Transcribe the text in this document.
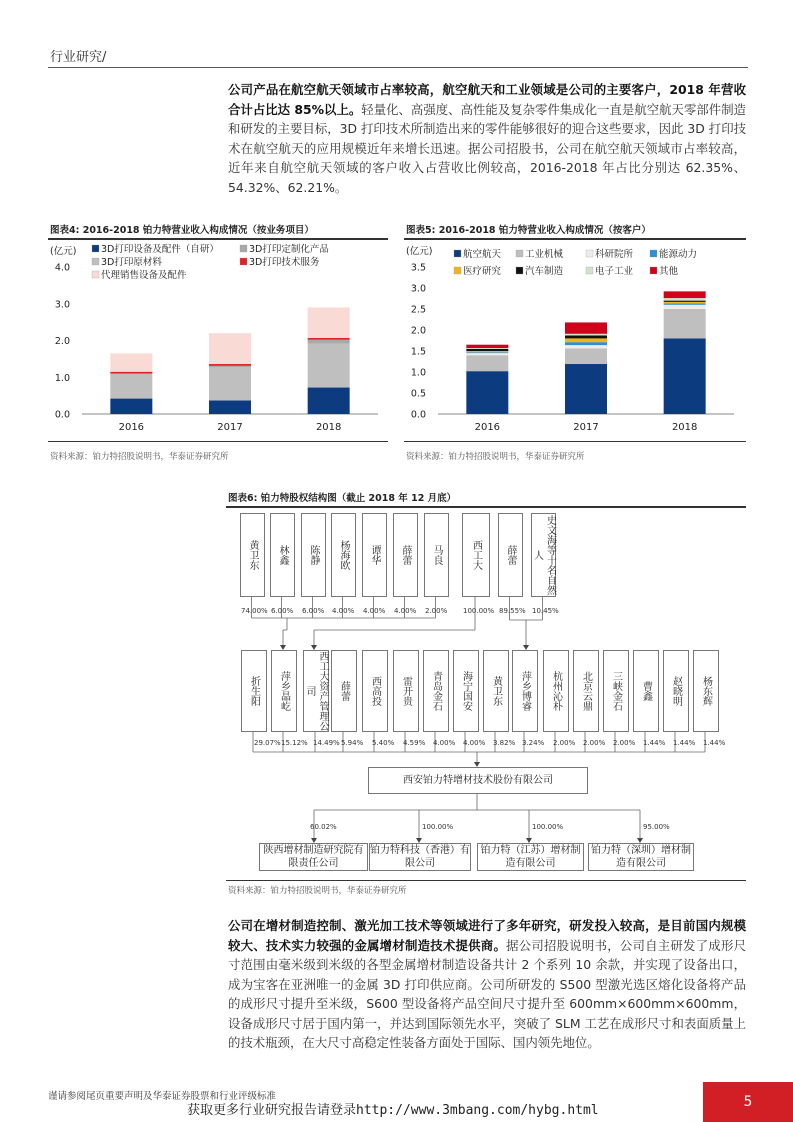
行业研究/
公司产品在航空航天领域市占率较高，航空航天和工业领域是公司的主要客户，2018 年营收合计占比达 85%以上。轻量化、高强度、高性能及复杂零件集成化一直是航空航天零部件制造和研发的主要目标，3D 打印技术所制造出来的零件能够很好的迎合这些要求，因此 3D 打印技术在航空航天的应用规模近年来增长迅速。据公司招股书，公司在航空航天领域市占率较高，近年来自航空航天领域的客户收入占营收比例较高，2016-2018 年占比分别达 62.35%、54.32%、62.21%。
图表4: 2016-2018 铂力特营业收入构成情况（按业务项目）
(亿元)
0.0
1.0
2.0
3.0
4.0
2016	2017	2018
3D打印设备及配件（自研）
3D打印原材料
3D打印定制化产品
3D打印技术服务
代理销售设备及配件
资料来源：铂力特招股说明书，华泰证券研究所
图表5: 2016-2018 铂力特营业收入构成情况（按客户）
(亿元)
0.0
0.5
1.0
1.5
2.0
2.5
3.0
3.5
2016	2017	2018
航空航天	工业机械	科研院所	能源动力
医疗研究	汽车制造	电子工业	其他
资料来源：铂力特招股说明书，华泰证券研究所
图表6: 铂力特股权结构图（截止 2018 年 12 月底）
黄卫东
74.00%
林鑫
6.00%
陈静
6.00%
杨海欧
4.00%
谭华
4.00%
薛蕾
4.00%
马良
2.00%
西工大
100.00%
薛蕾
89.55%
史文海等十名自然人
10.45%
折生阳
29.07%
萍乡晶屹
15.12%
西工大资产管理公司
14.49%
薛蕾
5.94%
西高投
5.40%
雷开贵
4.59%
青岛金石
4.00%
海宁国安
4.00%
黄卫东
3.82%
萍乡博睿
3.24%
杭州沁朴
2.00%
北京云鼎
2.00%
三峡金石
2.00%
曹鑫
1.44%
赵晓明
1.44%
杨东辉
1.44%
西安铂力特增材技术股份有限公司
60.02%
陕西增材制造研究院有限责任公司
100.00%
铂力特科技（香港）有限公司
100.00%
铂力特（江苏）增材制造有限公司
95.00%
铂力特（深圳）增材制造有限公司
资料来源：铂力特招股说明书，华泰证券研究所
公司在增材制造控制、激光加工技术等领域进行了多年研究，研发投入较高，是目前国内规模较大、技术实力较强的金属增材制造技术提供商。据公司招股说明书，公司自主研发了成形尺寸范围由毫米级到米级的各型金属增材制造设备共计 2 个系列 10 余款，并实现了设备出口，成为宝客在亚洲唯一的金属 3D 打印供应商。公司所研发的 S500 型激光选区熔化设备将产品的成形尺寸提升至米级，S600 型设备将产品空间尺寸提升至 600mm×600mm×600mm，设备成形尺寸居于国内第一，并达到国际领先水平，突破了 SLM 工艺在成形尺寸和表面质量上的技术瓶颈，在大尺寸高稳定性装备方面处于国际、国内领先地位。
谨请参阅尾页重要声明及华泰证券股票和行业评级标准
获取更多行业研究报告请登录http://www.3mbang.com/hybg.html
5
